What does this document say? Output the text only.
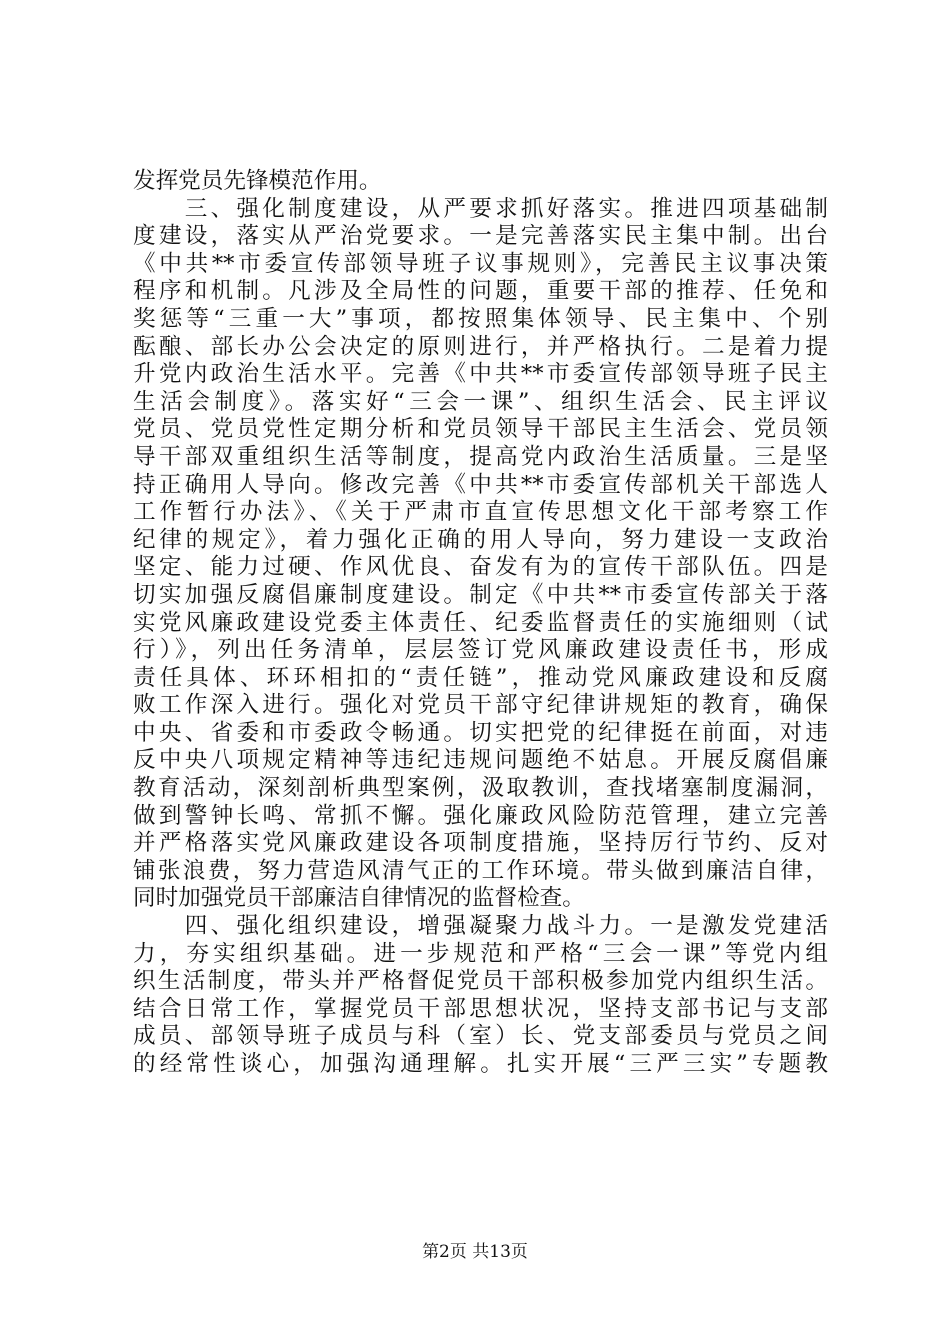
发挥党员先锋模范作用。
　　三、强化制度建设，从严要求抓好落实。推进四项基础制
度建设，落实从严治党要求。一是完善落实民主集中制。出台
《中共**市委宣传部领导班子议事规则》，完善民主议事决策
程序和机制。凡涉及全局性的问题，重要干部的推荐、任免和
奖惩等“三重一大”事项，都按照集体领导、民主集中、个别
酝酿、部长办公会决定的原则进行，并严格执行。二是着力提
升党内政治生活水平。完善《中共**市委宣传部领导班子民主
生活会制度》。落实好“三会一课”、组织生活会、民主评议
党员、党员党性定期分析和党员领导干部民主生活会、党员领
导干部双重组织生活等制度，提高党内政治生活质量。三是坚
持正确用人导向。修改完善《中共**市委宣传部机关干部选人
工作暂行办法》、《关于严肃市直宣传思想文化干部考察工作
纪律的规定》，着力强化正确的用人导向，努力建设一支政治
坚定、能力过硬、作风优良、奋发有为的宣传干部队伍。四是
切实加强反腐倡廉制度建设。制定《中共**市委宣传部关于落
实党风廉政建设党委主体责任、纪委监督责任的实施细则（试
行）》，列出任务清单，层层签订党风廉政建设责任书，形成
责任具体、环环相扣的“责任链”，推动党风廉政建设和反腐
败工作深入进行。强化对党员干部守纪律讲规矩的教育，确保
中央、省委和市委政令畅通。切实把党的纪律挺在前面，对违
反中央八项规定精神等违纪违规问题绝不姑息。开展反腐倡廉
教育活动，深刻剖析典型案例，汲取教训，查找堵塞制度漏洞，
做到警钟长鸣、常抓不懈。强化廉政风险防范管理，建立完善
并严格落实党风廉政建设各项制度措施，坚持厉行节约、反对
铺张浪费，努力营造风清气正的工作环境。带头做到廉洁自律，
同时加强党员干部廉洁自律情况的监督检查。
　　四、强化组织建设，增强凝聚力战斗力。一是激发党建活
力，夯实组织基础。进一步规范和严格“三会一课”等党内组
织生活制度，带头并严格督促党员干部积极参加党内组织生活。
结合日常工作，掌握党员干部思想状况，坚持支部书记与支部
成员、部领导班子成员与科（室）长、党支部委员与党员之间
的经常性谈心，加强沟通理解。扎实开展“三严三实”专题教
第2页 共13页
